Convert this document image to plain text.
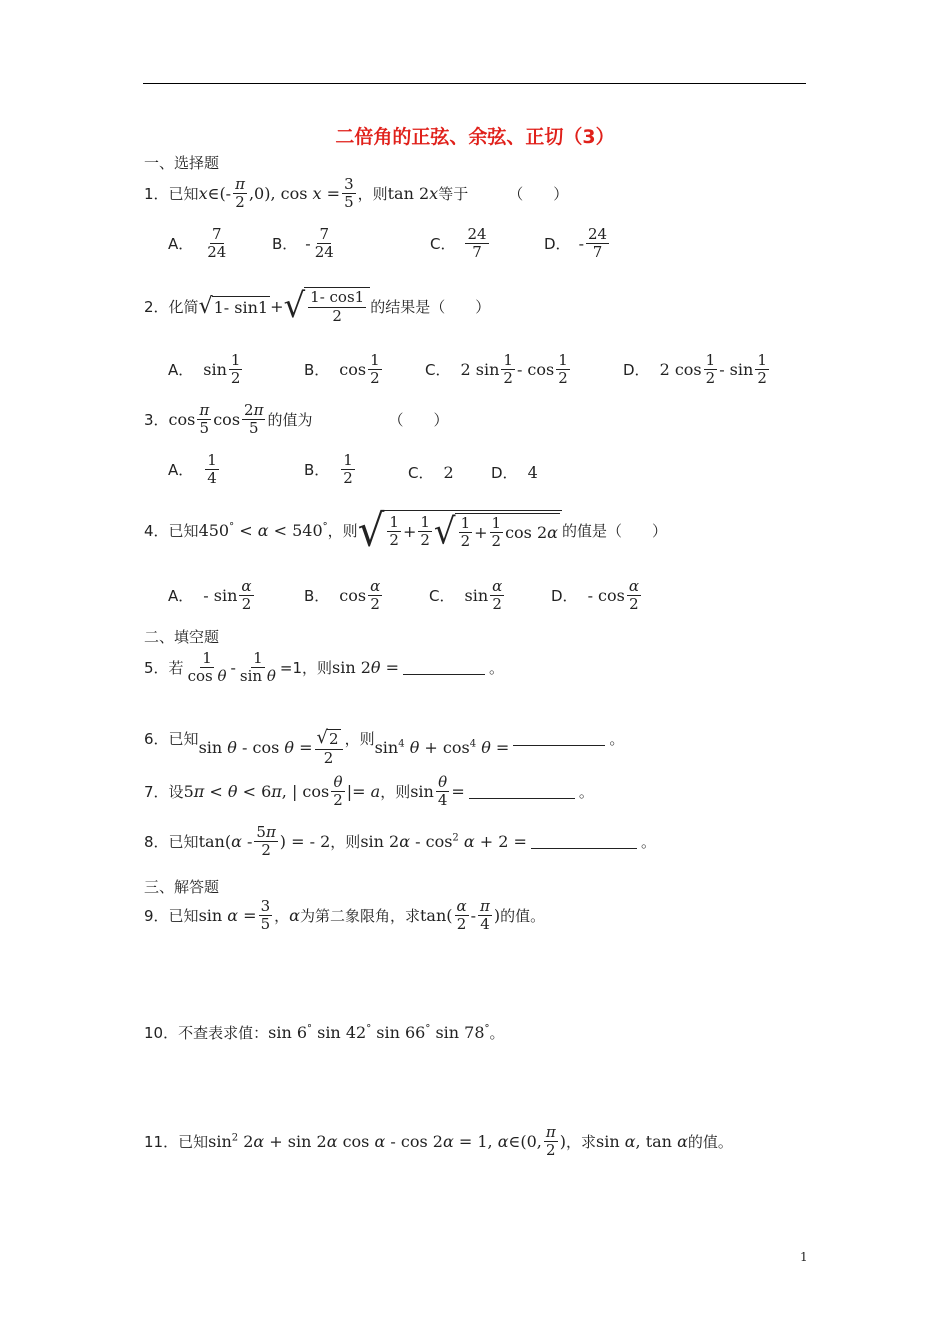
二倍角的正弦、余弦、正切（3）
一、选择题
1． 已知 x∈(- $\frac{\pi}{2} ,0$), $\cos x = \frac{3}{5}$ ，则 tan 2x 等于	（　　）
A． $\frac{7}{24}$	B． - $\frac{7}{24}$	C． $\frac{24}{7}$	D． - $\frac{24}{7}$
2． 化简 √ 1- sin1 + √ $\frac{1- \cos 1}{2}$ 的结果是（　　）
A． $\sin \frac{1}{2}$	B． $\cos \frac{1}{2}$	C． 2 $\sin \frac{1}{2}$ - $\cos \frac{1}{2}$	D． 2 $\cos \frac{1}{2}$ - $\sin \frac{1}{2}$
3． $\cos \frac{\pi}{5}$ $\cos \frac{2\pi}{5}$ 的值为	（　　）
A． $\frac{1}{4}$	B． $\frac{1}{2}$	C． 2 D． 4
4． 已知 450° < α < 540° ，则 √ $\frac{1}{2} + \frac{1}{2}$ √ $\frac{1}{2} + \frac{1}{2}$ cos 2α 的值是（　　）
A． - $\sin \frac{\alpha}{2}$	B． $\cos \frac{\alpha}{2}$	C． $\sin \frac{\alpha}{2}$	D． - $\cos \frac{\alpha}{2}$
二、填空题
5． 若 $\frac{1}{\text{cos θ}} - \frac{1}{\text{sin θ}} =1$，则 sin 2θ =	。
6． 已知 $\sin \theta - \cos \theta = \frac{√ 2}{2}$ ，则 $\sin^4 \theta + \cos^4 \theta$ =	。
7． 设 5π < θ < 6π, | $\cos \frac{\theta}{2}$ |= a ，则 $\sin \frac{\theta}{4}$ =	。
8． 已知 $\tan(\alpha - \frac{5\pi}{2}$ ) = - 2 ，则 $\sin 2\alpha - \cos^2 \alpha + 2$ =	。
三、解答题
9． 已知 $\sin \alpha = \frac{3}{5}$ ， α 为第二象限角，求 $\tan( \frac{\alpha}{2} - \frac{\pi}{4}$ ) 的值。
10． 不查表求值： sin 6° sin 42° sin 66° sin 78° 。
11． 已知 $\sin^2 2\alpha + \sin 2\alpha$ cos α - cos 2α = 1, α∈(0, $\frac{\pi}{2}$ ) ，求 sin α, tan α 的值。
1
